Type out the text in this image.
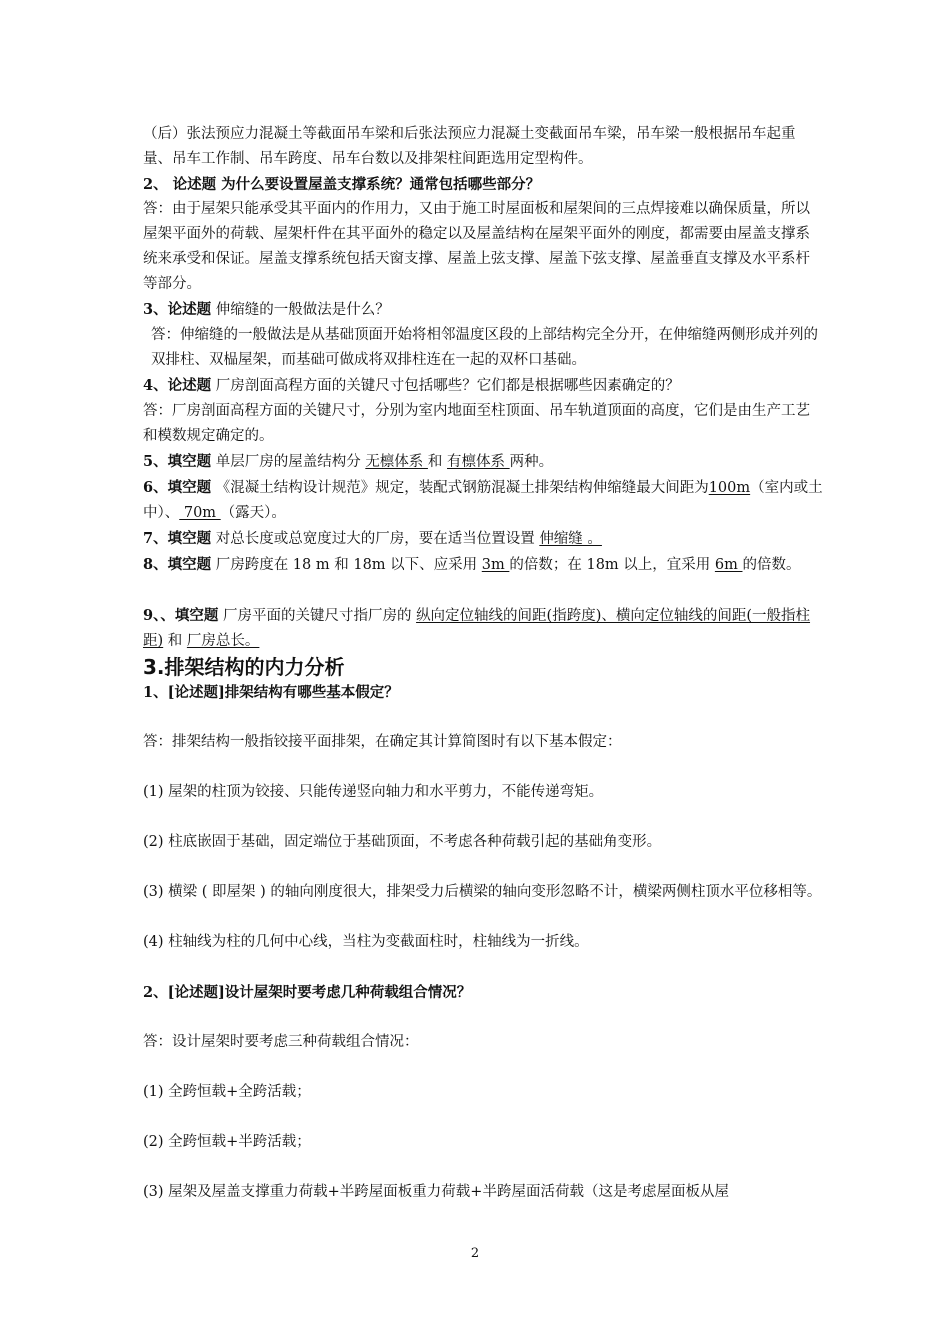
（后）张法预应力混凝土等截面吊车梁和后张法预应力混凝土变截面吊车梁，吊车梁一般根据吊车起重量、吊车工作制、吊车跨度、吊车台数以及排架柱间距选用定型构件。

2、 论述题 为什么要设置屋盖支撑系统？通常包括哪些部分？

答：由于屋架只能承受其平面内的作用力，又由于施工时屋面板和屋架间的三点焊接难以确保质量，所以屋架平面外的荷载、屋架杆件在其平面外的稳定以及屋盖结构在屋架平面外的刚度，都需要由屋盖支撑系统来承受和保证。屋盖支撑系统包括天窗支撑、屋盖上弦支撑、屋盖下弦支撑、屋盖垂直支撑及水平系杆等部分。

3、论述题 伸缩缝的一般做法是什么？

答：伸缩缝的一般做法是从基础顶面开始将相邻温度区段的上部结构完全分开，在伸缩缝两侧形成并列的双排柱、双榀屋架，而基础可做成将双排柱连在一起的双杯口基础。

4、论述题 厂房剖面高程方面的关键尺寸包括哪些？它们都是根据哪些因素确定的？

答：厂房剖面高程方面的关键尺寸，分别为室内地面至柱顶面、吊车轨道顶面的高度，它们是由生产工艺和模数规定确定的。

5、填空题 单层厂房的屋盖结构分 无檩体系 和 有檩体系 两种。

6、填空题 《混凝土结构设计规范》规定，装配式钢筋混凝土排架结构伸缩缝最大间距为100m（室内或土中）、 70m （露天）。

7、填空题 对总长度或总宽度过大的厂房，要在适当位置设置 伸缩缝 。

8、填空题 厂房跨度在 18 m 和 18m 以下、应采用 3m 的倍数；在 18m 以上，宜采用 6m 的倍数。

9、、填空题 厂房平面的关键尺寸指厂房的 纵向定位轴线的间距(指跨度)、横向定位轴线的间距(一般指柱距) 和 厂房总长。

3.排架结构的内力分析

1、[论述题]排架结构有哪些基本假定？

答：排架结构一般指铰接平面排架，在确定其计算简图时有以下基本假定：

(1) 屋架的柱顶为铰接、只能传递竖向轴力和水平剪力，不能传递弯矩。

(2) 柱底嵌固于基础，固定端位于基础顶面，不考虑各种荷载引起的基础角变形。

(3) 横梁 ( 即屋架 ) 的轴向刚度很大，排架受力后横梁的轴向变形忽略不计，横梁两侧柱顶水平位移相等。

(4) 柱轴线为柱的几何中心线，当柱为变截面柱时，柱轴线为一折线。

2、[论述题]设计屋架时要考虑几种荷载组合情况？

答：设计屋架时要考虑三种荷载组合情况：

(1) 全跨恒载+全跨活载；

(2) 全跨恒载+半跨活载；

(3) 屋架及屋盖支撑重力荷载+半跨屋面板重力荷载+半跨屋面活荷载（这是考虑屋面板从屋

2
